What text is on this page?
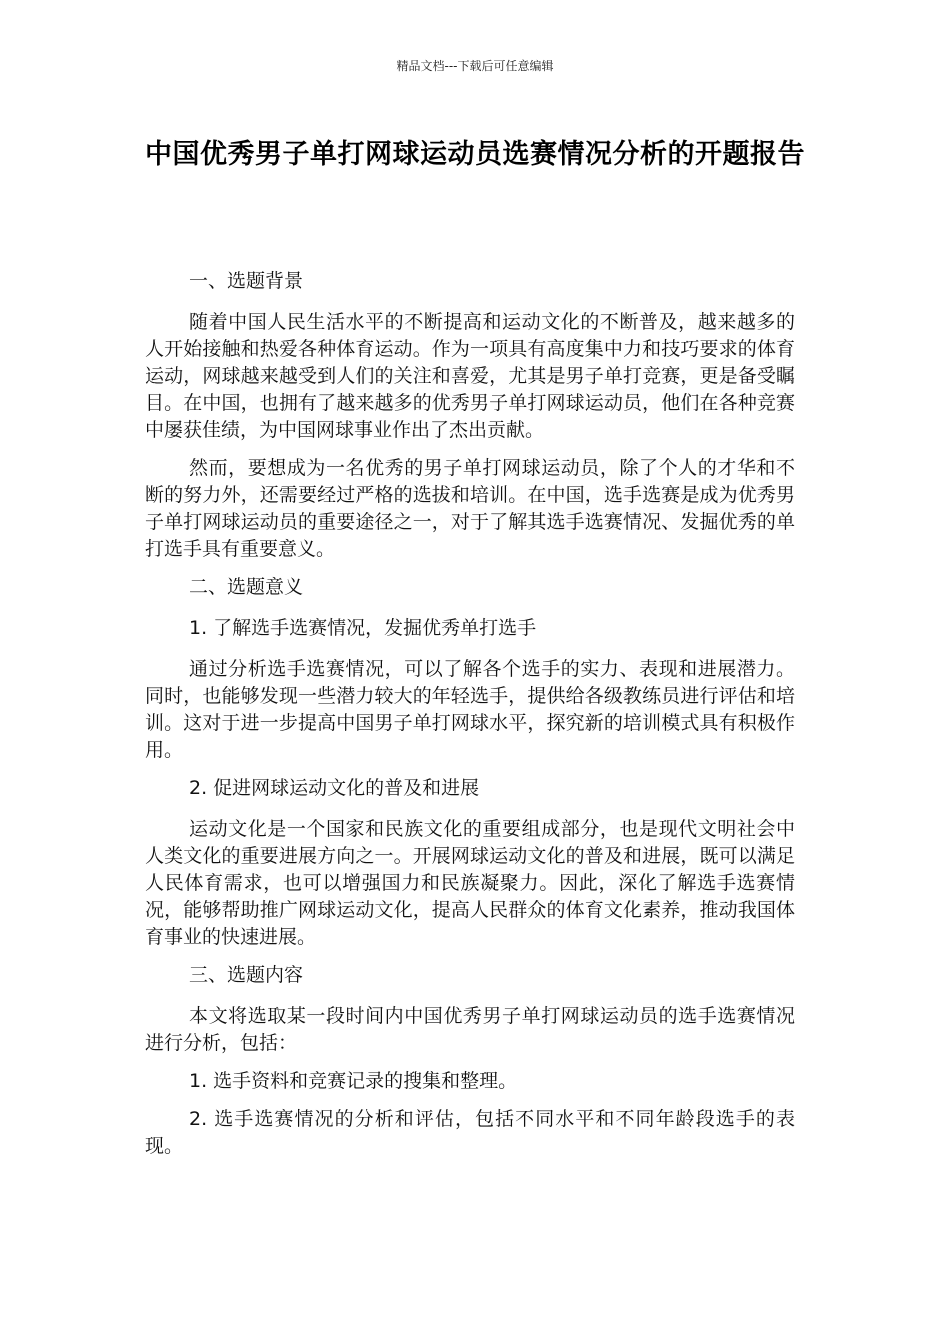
精品文档---下载后可任意编辑
中国优秀男子单打网球运动员选赛情况分析的开题报告

一、选题背景

随着中国人民生活水平的不断提高和运动文化的不断普及，越来越多的人开始接触和热爱各种体育运动。作为一项具有高度集中力和技巧要求的体育运动，网球越来越受到人们的关注和喜爱，尤其是男子单打竞赛，更是备受瞩目。在中国，也拥有了越来越多的优秀男子单打网球运动员，他们在各种竞赛中屡获佳绩，为中国网球事业作出了杰出贡献。

然而，要想成为一名优秀的男子单打网球运动员，除了个人的才华和不断的努力外，还需要经过严格的选拔和培训。在中国，选手选赛是成为优秀男子单打网球运动员的重要途径之一，对于了解其选手选赛情况、发掘优秀的单打选手具有重要意义。

二、选题意义

1. 了解选手选赛情况，发掘优秀单打选手

通过分析选手选赛情况，可以了解各个选手的实力、表现和进展潜力。同时，也能够发现一些潜力较大的年轻选手，提供给各级教练员进行评估和培训。这对于进一步提高中国男子单打网球水平，探究新的培训模式具有积极作用。

2. 促进网球运动文化的普及和进展

运动文化是一个国家和民族文化的重要组成部分，也是现代文明社会中人类文化的重要进展方向之一。开展网球运动文化的普及和进展，既可以满足人民体育需求，也可以增强国力和民族凝聚力。因此，深化了解选手选赛情况，能够帮助推广网球运动文化，提高人民群众的体育文化素养，推动我国体育事业的快速进展。

三、选题内容

本文将选取某一段时间内中国优秀男子单打网球运动员的选手选赛情况进行分析，包括：

1. 选手资料和竞赛记录的搜集和整理。

2. 选手选赛情况的分析和评估，包括不同水平和不同年龄段选手的表现。
